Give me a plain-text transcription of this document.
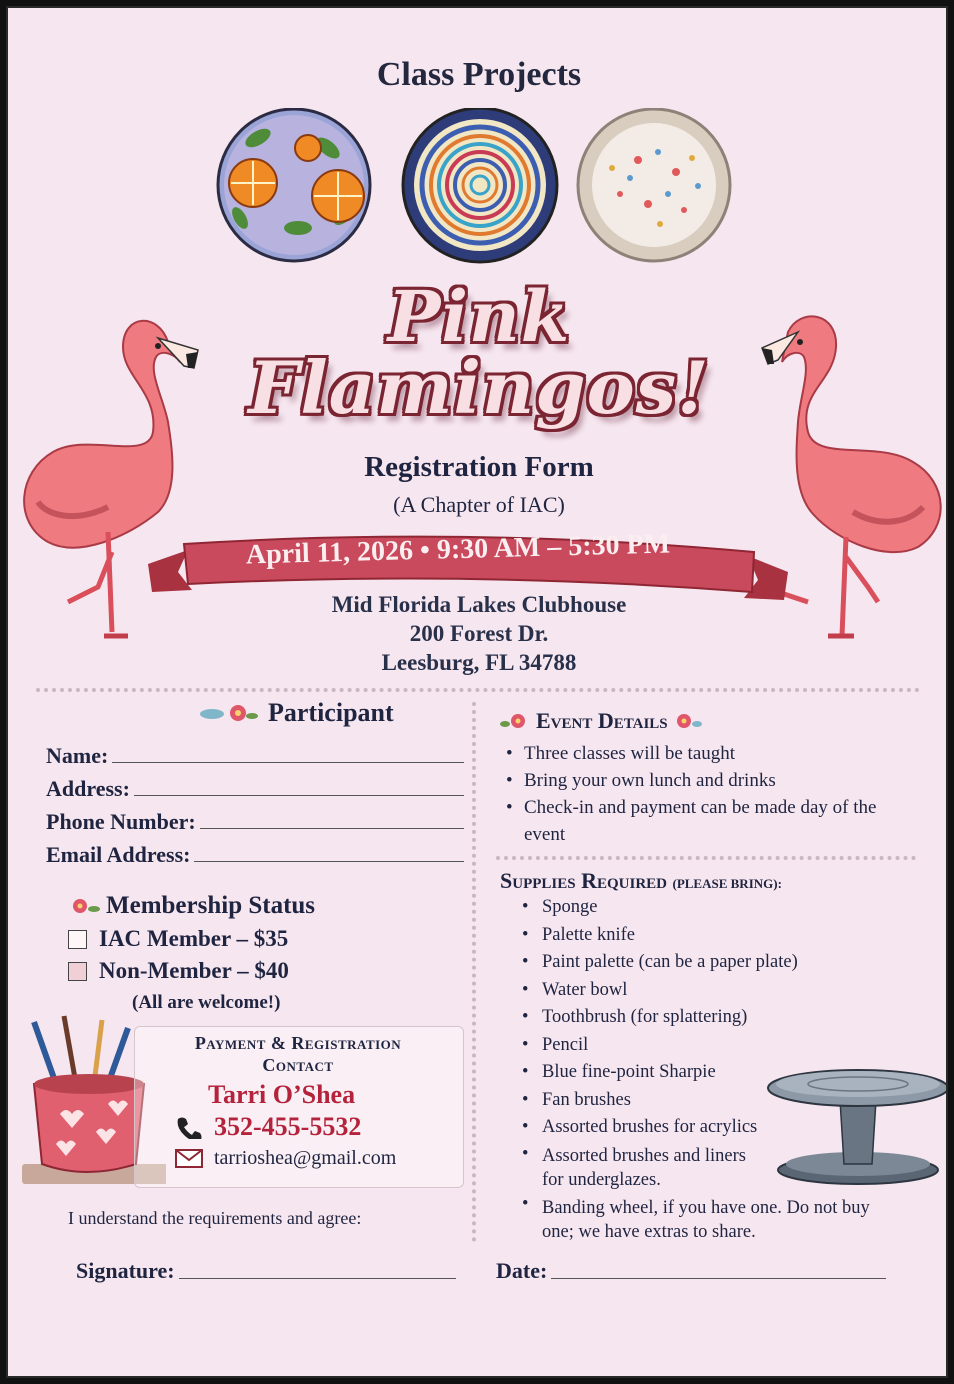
Class Projects
Pink
Flamingos!
Registration Form
(A Chapter of IAC)
April 11, 2026 • 9:30 AM – 5:30 PM
Mid Florida Lakes Clubhouse
200 Forest Dr.
Leesburg, FL 34788
Participant
Name:
Address:
Phone Number:
Email Address:
Membership Status
IAC Member – $35
Non-Member – $40
(All are welcome!)
Payment & Registration
Contact
Tarri O’Shea
352-455-5532
tarrioshea@gmail.com
I understand the requirements and agree:
Signature:	Date:
Event Details
• Three classes will be taught
• Bring your own lunch and drinks
• Check-in and payment can be made day of the event
Supplies Required (PLEASE BRING):
• Sponge
• Palette knife
• Paint palette (can be a paper plate)
• Water bowl
• Toothbrush (for splattering)
• Pencil
• Blue fine-point Sharpie
• Fan brushes
• Assorted brushes for acrylics
• Assorted brushes and liners for underglazes.
• Banding wheel, if you have one. Do not buy one; we have extras to share.
